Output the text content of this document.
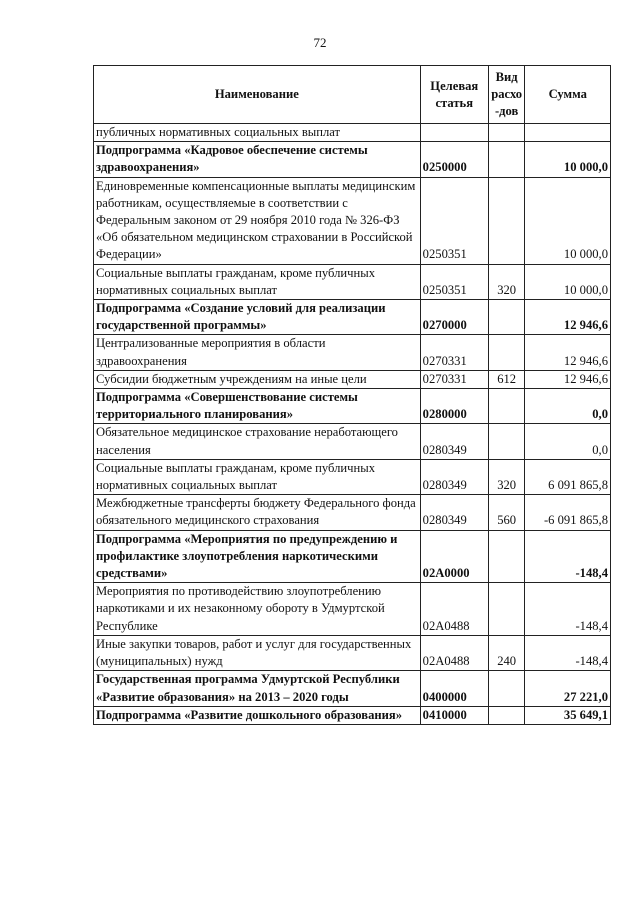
72
Наименование	Целевая статья	Вид расхо-дов	Сумма
публичных нормативных социальных выплат			
Подпрограмма «Кадровое обеспечение системы здравоохранения»	0250000		10 000,0
Единовременные компенсационные выплаты медицинским работникам, осуществляемые в соответствии с Федеральным законом от 29 ноября 2010 года № 326-ФЗ «Об обязательном медицинском страховании в Российской Федерации»	0250351		10 000,0
Социальные выплаты гражданам, кроме публичных нормативных социальных выплат	0250351	320	10 000,0
Подпрограмма «Создание условий для реализации государственной программы»	0270000		12 946,6
Централизованные мероприятия в области здравоохранения	0270331		12 946,6
Субсидии бюджетным учреждениям на иные цели	0270331	612	12 946,6
Подпрограмма «Совершенствование системы территориального планирования»	0280000		0,0
Обязательное медицинское страхование неработающего населения	0280349		0,0
Социальные выплаты гражданам, кроме публичных нормативных социальных выплат	0280349	320	6 091 865,8
Межбюджетные трансферты бюджету Федерального фонда обязательного медицинского страхования	0280349	560	-6 091 865,8
Подпрограмма «Мероприятия по предупреждению и профилактике злоупотребления наркотическими средствами»	02А0000		-148,4
Мероприятия по противодействию злоупотреблению наркотиками и их незаконному обороту в Удмуртской Республике	02А0488		-148,4
Иные закупки товаров, работ и услуг для государственных (муниципальных) нужд	02А0488	240	-148,4
Государственная программа Удмуртской Республики «Развитие образования» на 2013 – 2020 годы	0400000		27 221,0
Подпрограмма «Развитие дошкольного образования»	0410000		35 649,1
